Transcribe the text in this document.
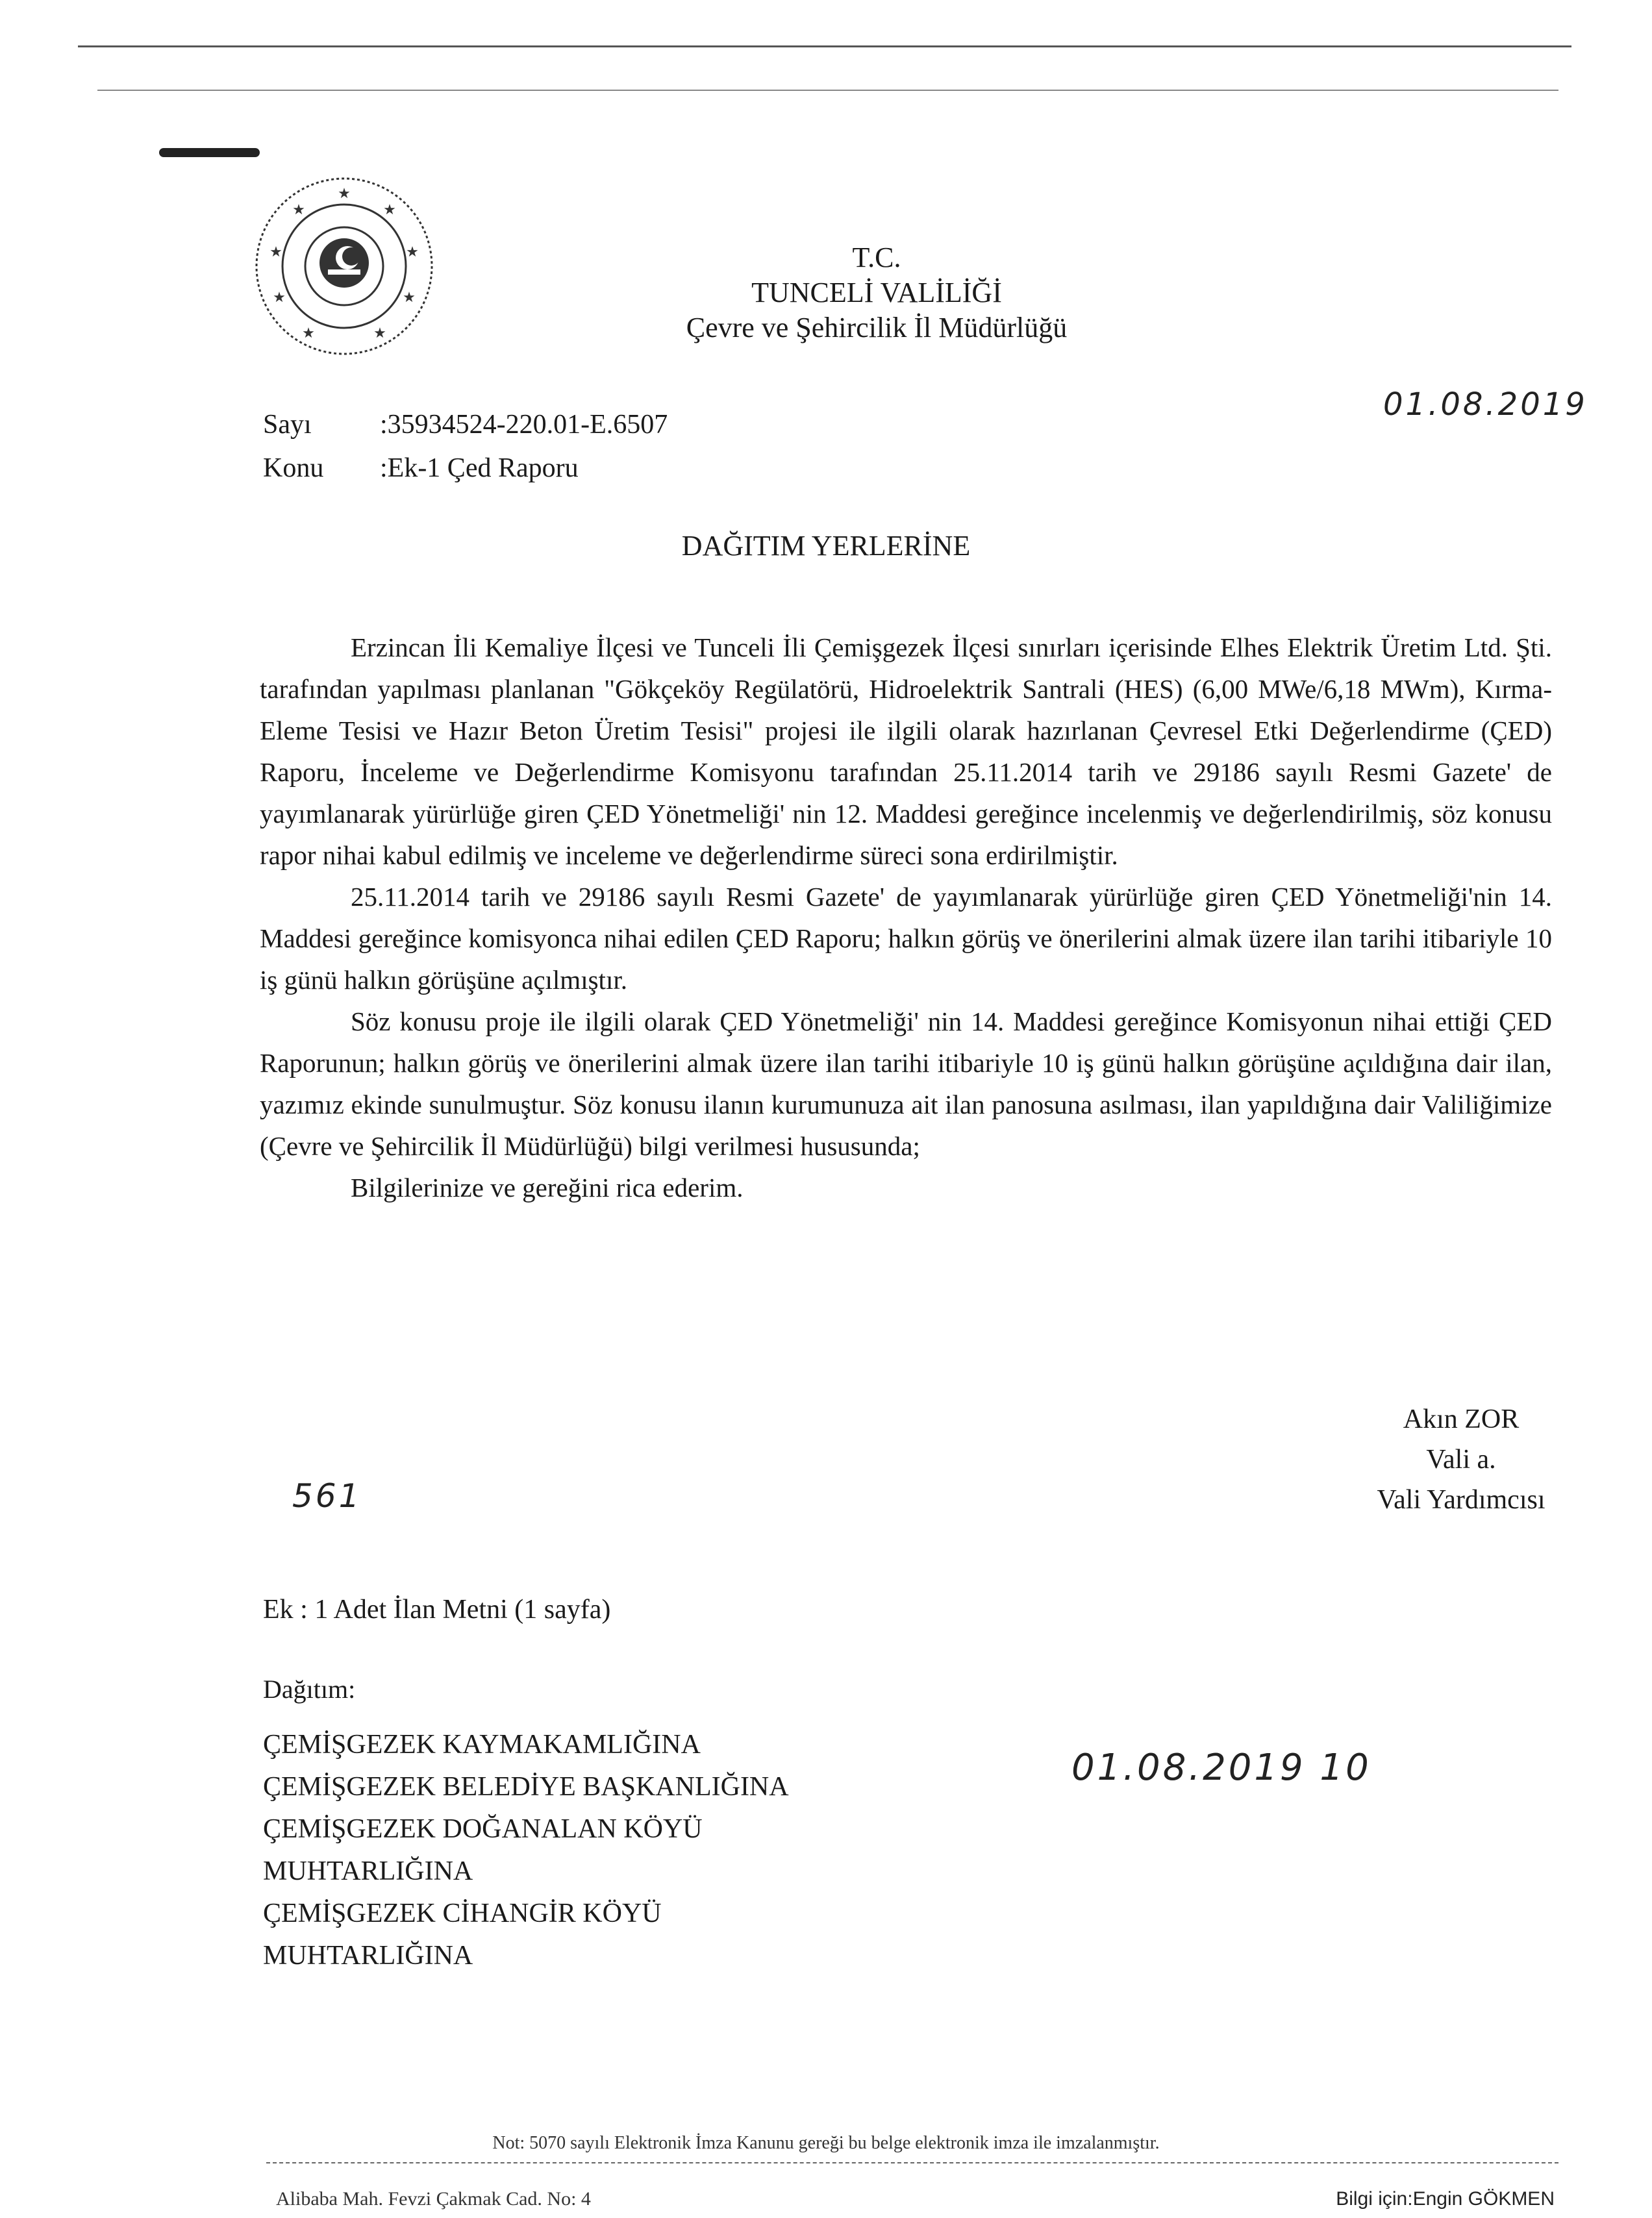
★
★
★
★
★
★
★
★
★
T.C.
TUNCELİ VALİLİĞİ
Çevre ve Şehircilik İl Müdürlüğü
Sayı	:35934524-220.01-E.6507
Konu :Ek-1 Çed Raporu
01.08.2019
DAĞITIM YERLERİNE

Erzincan İli Kemaliye İlçesi ve Tunceli İli Çemişgezek İlçesi sınırları içerisinde Elhes Elektrik Üretim Ltd. Şti. tarafından yapılması planlanan "Gökçeköy Regülatörü, Hidroelektrik Santrali (HES) (6,00 MWe/6,18 MWm), Kırma-Eleme Tesisi ve Hazır Beton Üretim Tesisi" projesi ile ilgili olarak hazırlanan Çevresel Etki Değerlendirme (ÇED) Raporu, İnceleme ve Değerlendirme Komisyonu tarafından 25.11.2014 tarih ve 29186 sayılı Resmi Gazete' de yayımlanarak yürürlüğe giren ÇED Yönetmeliği' nin 12. Maddesi gereğince incelenmiş ve değerlendirilmiş, söz konusu rapor nihai kabul edilmiş ve inceleme ve değerlendirme süreci sona erdirilmiştir.

25.11.2014 tarih ve 29186 sayılı Resmi Gazete' de yayımlanarak yürürlüğe giren ÇED Yönetmeliği'nin 14. Maddesi gereğince komisyonca nihai edilen ÇED Raporu; halkın görüş ve önerilerini almak üzere ilan tarihi itibariyle 10 iş günü halkın görüşüne açılmıştır.

Söz konusu proje ile ilgili olarak ÇED Yönetmeliği' nin 14. Maddesi gereğince Komisyonun nihai ettiği ÇED Raporunun; halkın görüş ve önerilerini almak üzere ilan tarihi itibariyle 10 iş günü halkın görüşüne açıldığına dair ilan, yazımız ekinde sunulmuştur. Söz konusu ilanın kurumunuza ait ilan panosuna asılması, ilan yapıldığına dair Valiliğimize (Çevre ve Şehircilik İl Müdürlüğü) bilgi verilmesi hususunda;

Bilgilerinize ve gereğini rica ederim.

561
Akın ZOR
Vali a.
Vali Yardımcısı
Ek : 1 Adet İlan Metni (1 sayfa)
Dağıtım:
ÇEMİŞGEZEK KAYMAKAMLIĞINA
ÇEMİŞGEZEK BELEDİYE BAŞKANLIĞINA
ÇEMİŞGEZEK DOĞANALAN KÖYÜ
MUHTARLIĞINA
ÇEMİŞGEZEK CİHANGİR KÖYÜ
MUHTARLIĞINA
01.08.2019 10
Not: 5070 sayılı Elektronik İmza Kanunu gereği bu belge elektronik imza ile imzalanmıştır.
Alibaba Mah. Fevzi Çakmak Cad. No: 4	Bilgi için:Engin GÖKMEN
